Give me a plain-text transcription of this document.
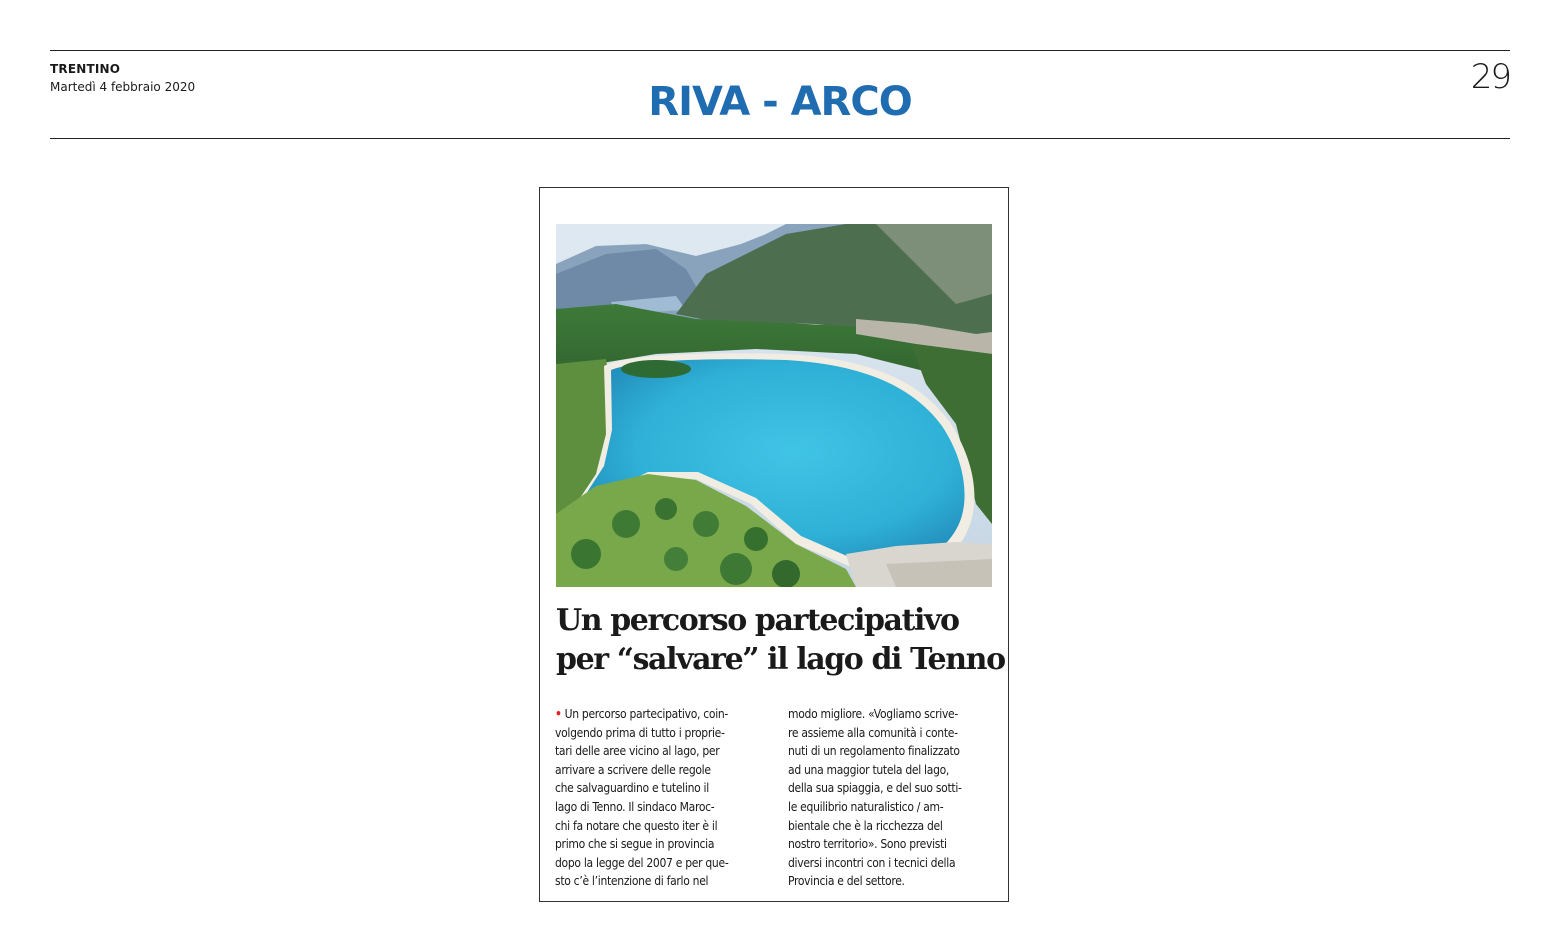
TRENTINO
Martedì 4 febbraio 2020	RIVA - ARCO
29
Un percorso partecipativo
per “salvare” il lago di Tenno
• Un percorso partecipativo, coin-
volgendo prima di tutto i proprie-
tari delle aree vicino al lago, per
arrivare a scrivere delle regole
che salvaguardino e tutelino il
lago di Tenno. Il sindaco Maroc-
chi fa notare che questo iter è il
primo che si segue in provincia
dopo la legge del 2007 e per que-
sto c’è l’intenzione di farlo nel
modo migliore. «Vogliamo scrive-
re assieme alla comunità i conte-
nuti di un regolamento finalizzato
ad una maggior tutela del lago,
della sua spiaggia, e del suo sotti-
le equilibrio naturalistico / am-
bientale che è la ricchezza del
nostro territorio». Sono previsti
diversi incontri con i tecnici della
Provincia e del settore.
